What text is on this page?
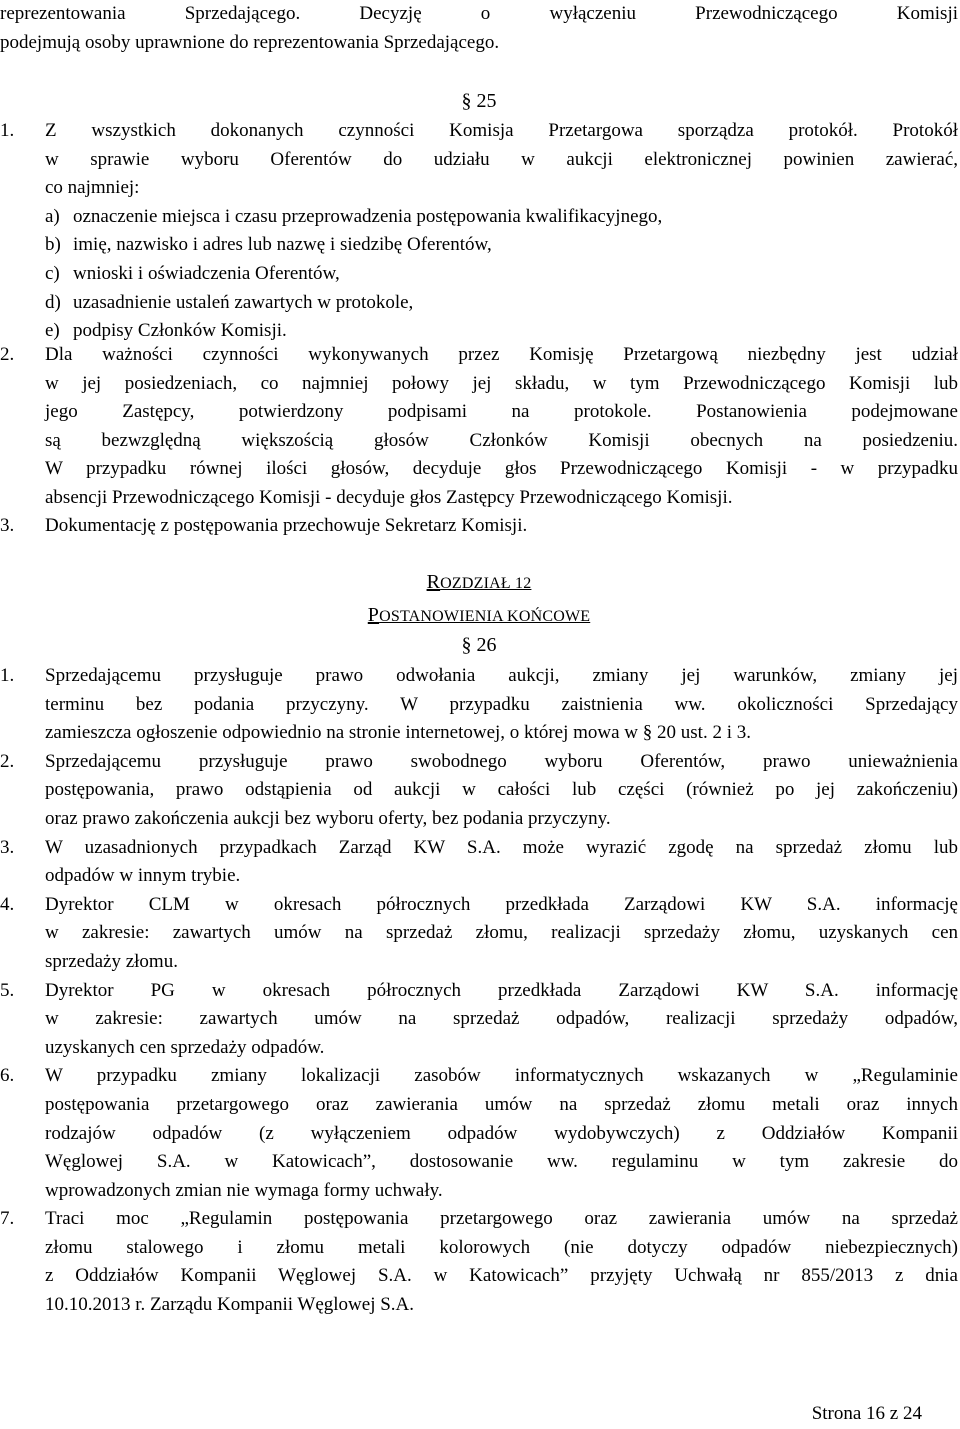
reprezentowania Sprzedającego. Decyzję o wyłączeniu Przewodniczącego Komisji
podejmują osoby uprawnione do reprezentowania Sprzedającego.
§ 25
1.	Z wszystkich dokonanych czynności Komisja Przetargowa sporządza protokół. Protokół
w sprawie wyboru Oferentów do udziału w aukcji elektronicznej powinien zawierać,
co najmniej:
a) oznaczenie miejsca i czasu przeprowadzenia postępowania kwalifikacyjnego,
b) imię, nazwisko i adres lub nazwę i siedzibę Oferentów,
c) wnioski i oświadczenia Oferentów,
d) uzasadnienie ustaleń zawartych w protokole,
e) podpisy Członków Komisji.
2.	Dla ważności czynności wykonywanych przez Komisję Przetargową niezbędny jest udział
w jej posiedzeniach, co najmniej połowy jej składu, w tym Przewodniczącego Komisji lub
jego Zastępcy, potwierdzony podpisami na protokole. Postanowienia podejmowane
są bezwzględną większością głosów Członków Komisji obecnych na posiedzeniu.
W przypadku równej ilości głosów, decyduje głos Przewodniczącego Komisji - w przypadku
absencji Przewodniczącego Komisji - decyduje głos Zastępcy Przewodniczącego Komisji.
3.	Dokumentację z postępowania przechowuje Sekretarz Komisji.
ROZDZIAŁ 12
POSTANOWIENIA KOŃCOWE
§ 26
1.	Sprzedającemu przysługuje prawo odwołania aukcji, zmiany jej warunków, zmiany jej
terminu bez podania przyczyny. W przypadku zaistnienia ww. okoliczności Sprzedający
zamieszcza ogłoszenie odpowiednio na stronie internetowej, o której mowa w § 20 ust. 2 i 3.
2.	Sprzedającemu przysługuje prawo swobodnego wyboru Oferentów, prawo unieważnienia
postępowania, prawo odstąpienia od aukcji w całości lub części (również po jej zakończeniu)
oraz prawo zakończenia aukcji bez wyboru oferty, bez podania przyczyny.
3.	W uzasadnionych przypadkach Zarząd KW S.A. może wyrazić zgodę na sprzedaż złomu lub
odpadów w innym trybie.
4.	Dyrektor CLM w okresach półrocznych przedkłada Zarządowi KW S.A. informację
w zakresie: zawartych umów na sprzedaż złomu, realizacji sprzedaży złomu, uzyskanych cen
sprzedaży złomu.
5.	Dyrektor PG w okresach półrocznych przedkłada Zarządowi KW S.A. informację
w zakresie: zawartych umów na sprzedaż odpadów, realizacji sprzedaży odpadów,
uzyskanych cen sprzedaży odpadów.
6.	W przypadku zmiany lokalizacji zasobów informatycznych wskazanych w „Regulaminie
postępowania przetargowego oraz zawierania umów na sprzedaż złomu metali oraz innych
rodzajów odpadów (z wyłączeniem odpadów wydobywczych) z Oddziałów Kompanii
Węglowej S.A. w Katowicach”, dostosowanie ww. regulaminu w tym zakresie do
wprowadzonych zmian nie wymaga formy uchwały.
7.	Traci moc „Regulamin postępowania przetargowego oraz zawierania umów na sprzedaż
złomu stalowego i złomu metali kolorowych (nie dotyczy odpadów niebezpiecznych)
z Oddziałów Kompanii Węglowej S.A. w Katowicach” przyjęty Uchwałą nr 855/2013 z dnia
10.10.2013 r. Zarządu Kompanii Węglowej S.A.
Strona 16 z 24
